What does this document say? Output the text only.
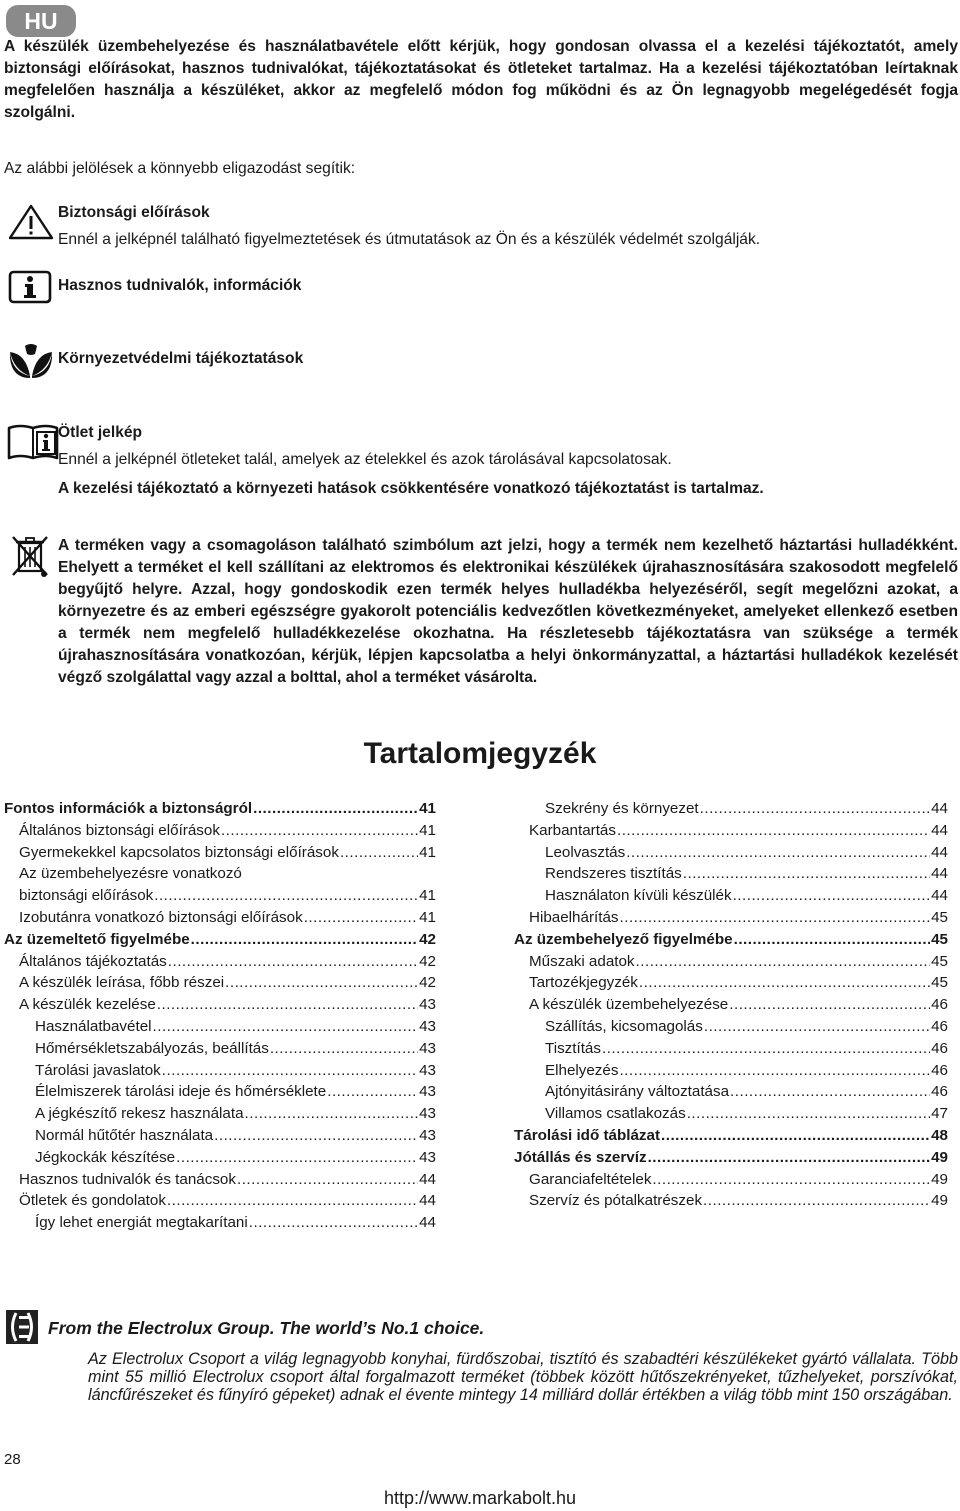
HU

A készülék üzembehelyezése és használatbavétele előtt kérjük, hogy gondosan olvassa el a kezelési tájékoztatót, amely biztonsági előírásokat, hasznos tudnivalókat, tájékoztatásokat és ötleteket tartalmaz. Ha a kezelési tájékoztatóban leírtaknak megfelelően használja a készüléket, akkor az megfelelő módon fog működni és az Ön legnagyobb megelégedését fogja szolgálni.

Az alábbi jelölések a könnyebb eligazodást segítik:

Biztonsági előírások
Ennél a jelképnél található figyelmeztetések és útmutatások az Ön és a készülék védelmét szolgálják.
Hasznos tudnivalók, információk
Környezetvédelmi tájékoztatások
Ötlet jelkép
Ennél a jelképnél ötleteket talál, amelyek az ételekkel és azok tárolásával kapcsolatosak.
A kezelési tájékoztató a környezeti hatások csökkentésére vonatkozó tájékoztatást is tartalmaz.

A terméken vagy a csomagoláson található szimbólum azt jelzi, hogy a termék nem kezelhető háztartási hulladékként. Ehelyett a terméket el kell szállítani az elektromos és elektronikai készülékek újrahasznosítására szakosodott megfelelő begyűjtő helyre. Azzal, hogy gondoskodik ezen termék helyes hulladékba helyezéséről, segít megelőzni azokat, a környezetre és az emberi egészségre gyakorolt potenciális kedvezőtlen következményeket, amelyeket ellenkező esetben a termék nem megfelelő hulladékkezelése okozhatna. Ha részletesebb tájékoztatásra van szüksége a termék újrahasznosítására vonatkozóan, kérjük, lépjen kapcsolatba a helyi önkormányzattal, a háztartási hulladékok kezelését végző szolgálattal vagy azzal a bolttal, ahol a terméket vásárolta.

Tartalomjegyzék
Fontos információk a biztonságról .....	41
Általános biztonsági előírások .....	41
Gyermekekkel kapcsolatos biztonsági előírások .....	41
Az üzembehelyezésre vonatkozó
biztonsági előírások .....	41
Izobutánra vonatkozó biztonsági előírások .....	41
Az üzemeltető figyelmébe .....	42
Általános tájékoztatás .....	42
A készülék leírása, főbb részei .....	42
A készülék kezelése .....	43
Használatbavétel .....	43
Hőmérsékletszabályozás, beállítás .....	43
Tárolási javaslatok .....	43
Élelmiszerek tárolási ideje és hőmérséklete .....	43
A jégkészítő rekesz használata .....	43
Normál hűtőtér használata .....	43
Jégkockák készítése .....	43
Hasznos tudnivalók és tanácsok .....	44
Ötletek és gondolatok .....	44
Így lehet energiát megtakarítani .....	44
Szekrény és környezet .....	44
Karbantartás .....	44
Leolvasztás .....	44
Rendszeres tisztítás .....	44
Használaton kívüli készülék .....	44
Hibaelhárítás .....	45
Az üzembehelyező figyelmébe .....	45
Műszaki adatok .....	45
Tartozékjegyzék .....	45
A készülék üzembehelyezése .....	46
Szállítás, kicsomagolás .....	46
Tisztítás .....	46
Elhelyezés .....	46
Ajtónyitásirány változtatása .....	46
Villamos csatlakozás .....	47
Tárolási idő táblázat .....	48
Jótállás és szervíz .....	49
Garanciafeltételek .....	49
Szervíz és pótalkatrészek .....	49
From the Electrolux Group. The world’s No.1 choice.

Az Electrolux Csoport a világ legnagyobb konyhai, fürdőszobai, tisztító és szabadtéri készülékeket gyártó vállalata. Több mint 55 millió Electrolux csoport által forgalmazott terméket (többek között hűtőszekrényeket, tűzhelyeket, porszívókat, láncfűrészeket és fűnyíró gépeket) adnak el évente mintegy 14 milliárd dollár értékben a világ több mint 150 országában.

28
http://www.markabolt.hu
